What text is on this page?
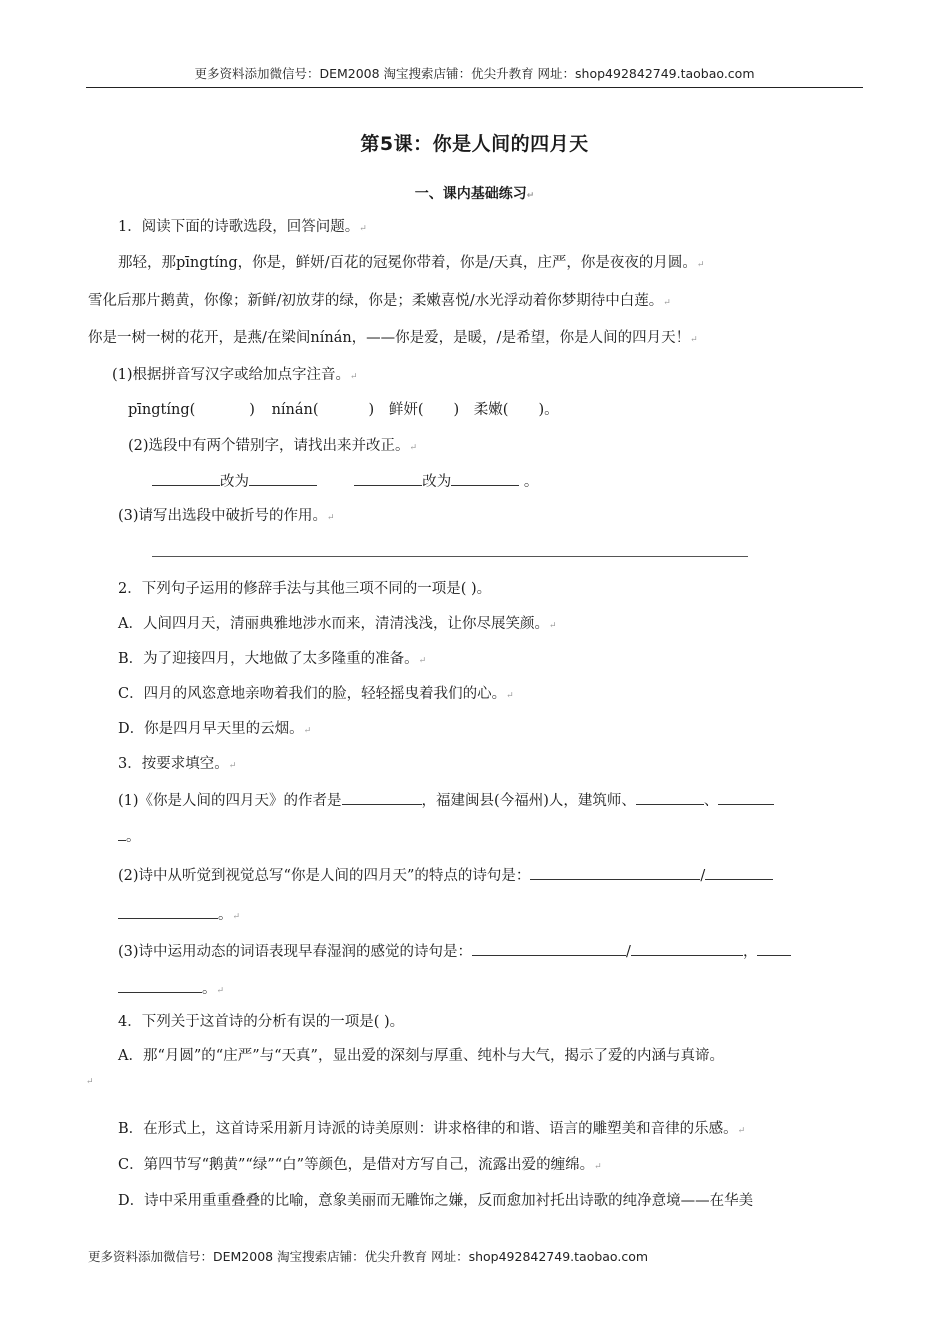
更多资料添加微信号：DEM2008 淘宝搜索店铺：优尖升教育 网址：shop492842749.taobao.com
第5课：你是人间的四月天
一、课内基础练习↵
1．阅读下面的诗歌选段，回答问题。↵
那轻，那pīngtíng，你是，鲜妍/百花的冠冕你带着，你是/天真，庄严，你是夜夜的月圆。↵
雪化后那片鹅黄，你像；新鲜/初放芽的绿，你是；柔嫩喜悦/水光浮动着你梦期待中白莲。↵
你是一树一树的花开，是燕/在梁间nínán，——你是爱，是暖，/是希望，你是人间的四月天！↵
(1)根据拼音写汉字或给加点字注音。↵
pīngtíng(	) nínán(	) 鲜妍( ) 柔嫩( )。
(2)选段中有两个错别字，请找出来并改正。↵
改为	改为	。
(3)请写出选段中破折号的作用。↵
2．下列句子运用的修辞手法与其他三项不同的一项是( )。
A．人间四月天，清丽典雅地涉水而来，清清浅浅，让你尽展笑颜。↵
B．为了迎接四月，大地做了太多隆重的准备。↵
C．四月的风恣意地亲吻着我们的脸，轻轻摇曳着我们的心。↵
D．你是四月早天里的云烟。↵
3．按要求填空。↵
(1)《你是人间的四月天》的作者是	，福建闽县(今福州)人，建筑师、	、
。
(2)诗中从听觉到视觉总写“你是人间的四月天”的特点的诗句是：	/
。↵
(3)诗中运用动态的词语表现早春湿润的感觉的诗句是：	/	，
。↵
4．下列关于这首诗的分析有误的一项是( )。
A．那“月圆”的“庄严”与“天真”，显出爱的深刻与厚重、纯朴与大气，揭示了爱的内涵与真谛。
↵
B．在形式上，这首诗采用新月诗派的诗美原则：讲求格律的和谐、语言的雕塑美和音律的乐感。↵
C．第四节写“鹅黄”“绿”“白”等颜色，是借对方写自己，流露出爱的缠绵。↵
D．诗中采用重重叠叠的比喻，意象美丽而无雕饰之嫌，反而愈加衬托出诗歌的纯净意境——在华美
更多资料添加微信号：DEM2008 淘宝搜索店铺：优尖升教育 网址：shop492842749.taobao.com
